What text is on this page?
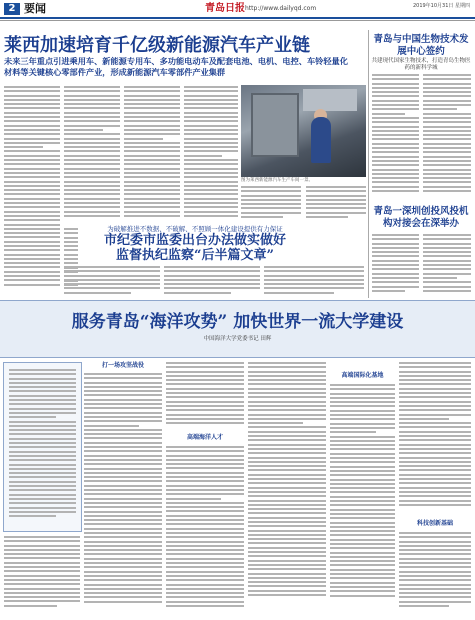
2 要闻	青岛日报 http://www.dailyqd.com	2019年10月31日 星期四
莱西加速培育千亿级新能源汽车产业链
未来三年重点引进乘用车、新能源专用车、多功能电动车及配套电池、电机、电控、车铃轻量化材料等关键核心零部件产业，形成新能源汽车零部件产业集群
图为莱西新能源汽车生产车间一景。
青岛与中国生物技术发展中心签约
共建现代国家生物技术，打造青岛生物医药的新科学城
青岛一深圳创投风投机构对接会在深举办
为破解推进不数据、不破解、不照顾一体化建设提供有力保证
市纪委市监委出台办法做实做好
监督执纪监察“后半篇文章”
服务青岛“海洋攻势” 加快世界一流大学建设
中国海洋大学党委书记 田辉
打一场攻坚战役
高端海洋人才
高端国际化基地
科技创新基础
